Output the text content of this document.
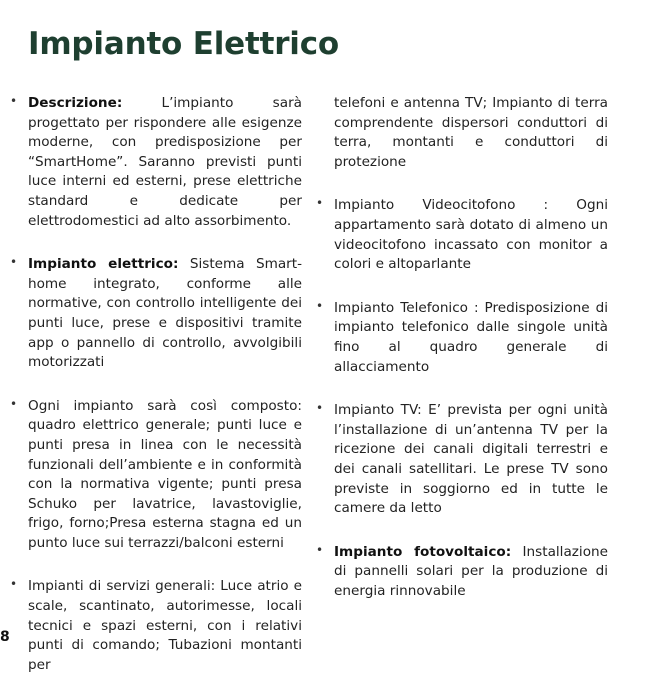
Impianto Elettrico
• Descrizione: L’impianto sarà progettato per rispondere alle esigenze moderne, con predisposizione per “SmartHome”. Saranno previsti punti luce interni ed esterni, prese elettriche standard e dedicate per elettrodomestici ad alto assorbimento.
• Impianto elettrico: Sistema Smart-home integrato, conforme alle normative, con controllo intelligente dei punti luce, prese e dispositivi tramite app o pannello di controllo, avvolgibili motorizzati
• Ogni impianto sarà così composto: quadro elettrico generale; punti luce e punti presa in linea con le necessità funzionali dell’ambiente e in conformità con la normativa vigente; punti presa Schuko per lavatrice, lavastoviglie, frigo, forno;Presa esterna stagna ed un punto luce sui terrazzi/balconi esterni
• Impianti di servizi generali: Luce atrio e scale, scantinato, autorimesse, locali tecnici e spazi esterni, con i relativi punti di comando; Tubazioni montanti per
telefoni e antenna TV; Impianto di terra comprendente dispersori conduttori di terra, montanti e conduttori di protezione
• Impianto Videocitofono : Ogni appartamento sarà dotato di almeno un videocitofono incassato con monitor a colori e altoparlante
• Impianto Telefonico : Predisposizione di impianto telefonico dalle singole unità fino al quadro generale di allacciamento
• Impianto TV: E’ prevista per ogni unità l’installazione di un’antenna TV per la ricezione dei canali digitali terrestri e dei canali satellitari. Le prese TV sono previste in soggiorno ed in tutte le camere da letto
• Impianto fotovoltaico: Installazione di pannelli solari per la produzione di energia rinnovabile
8
